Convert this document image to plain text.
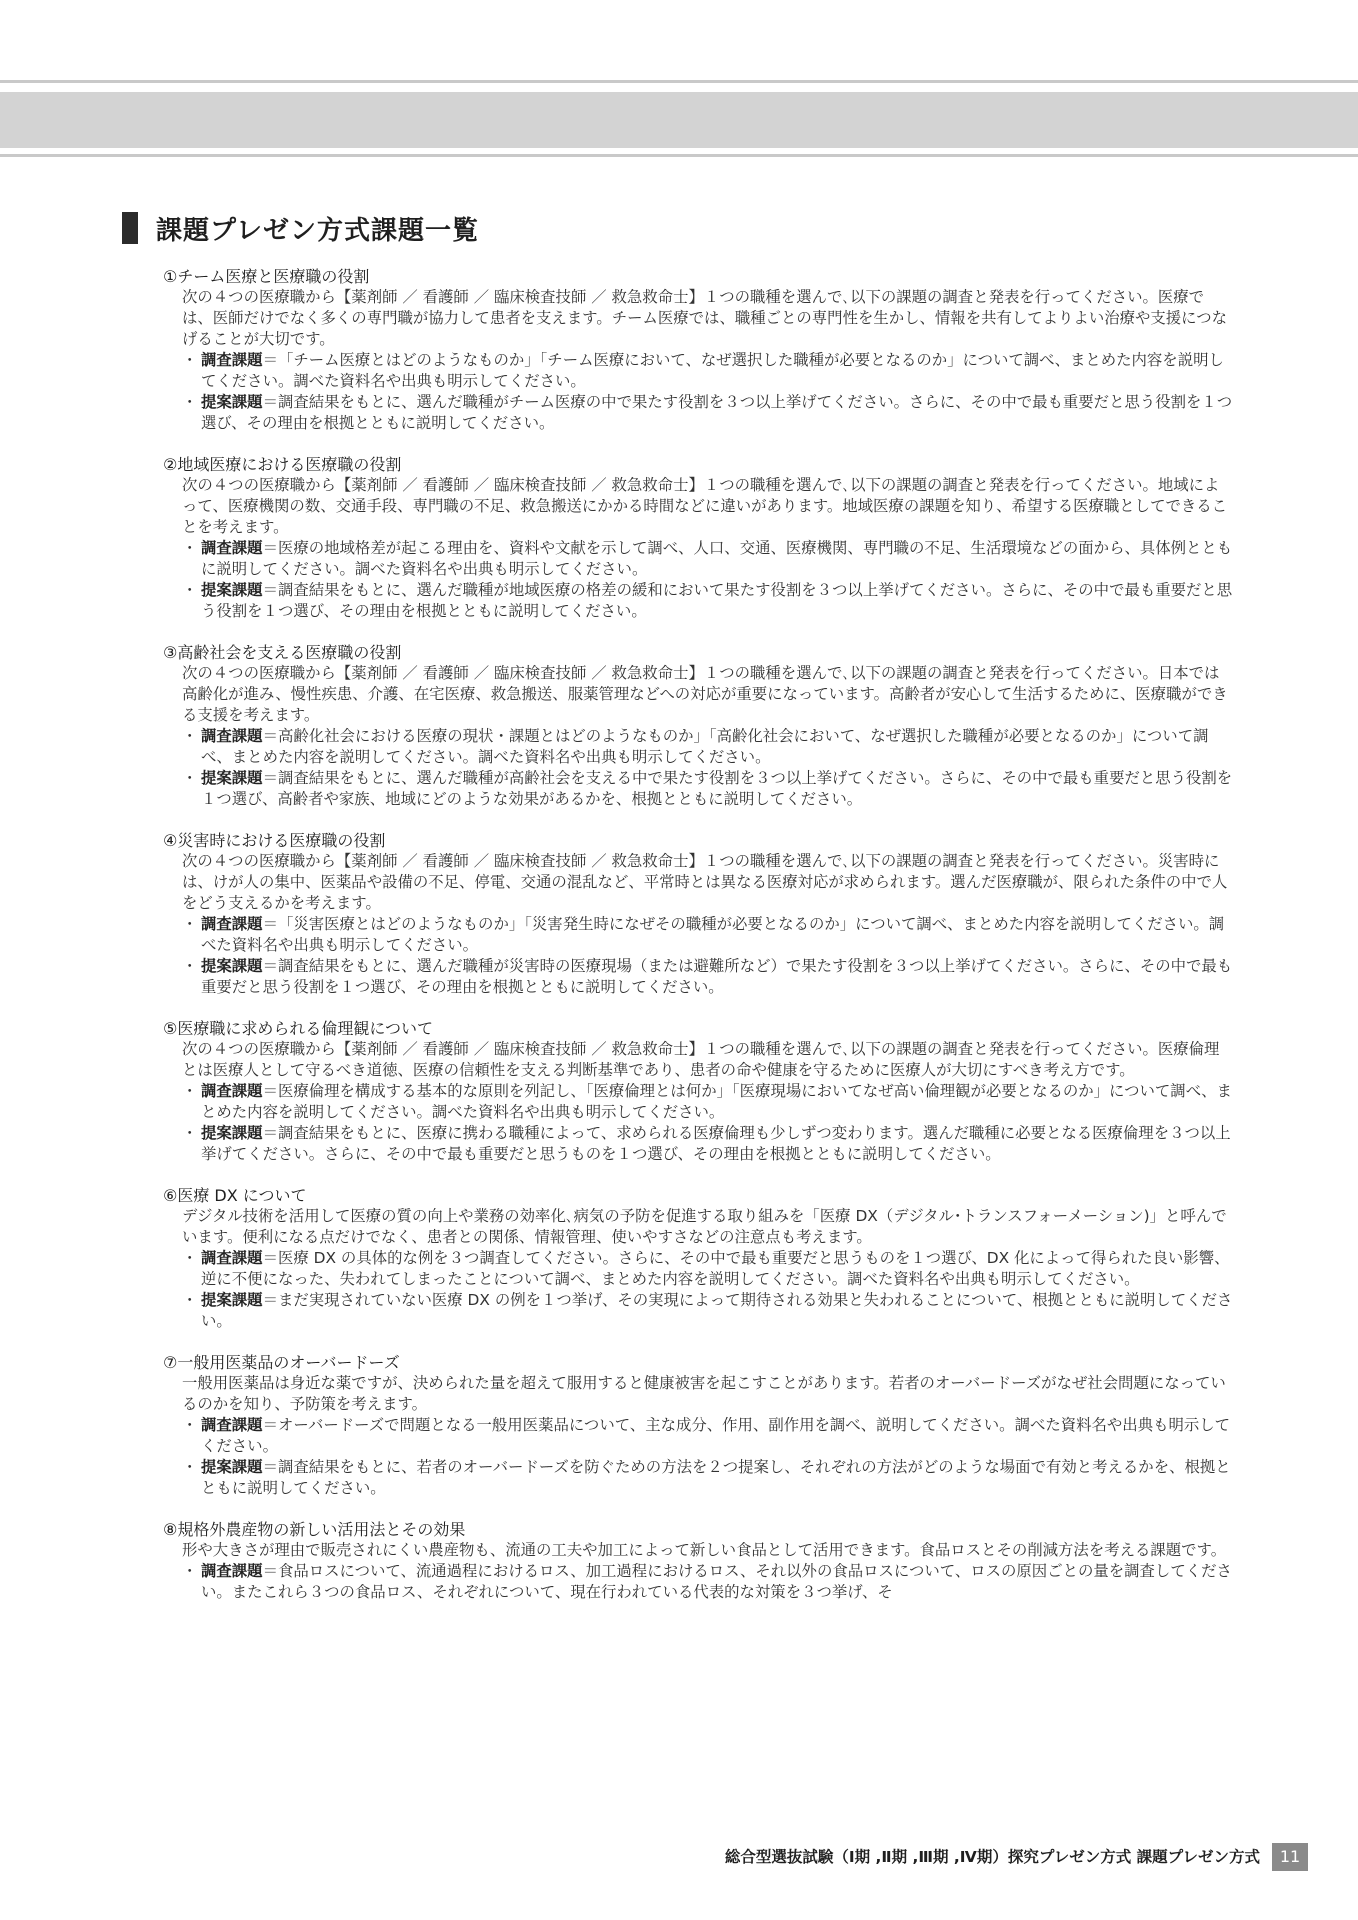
課題プレゼン方式課題一覧

①チーム医療と医療職の役割

次の４つの医療職から【薬剤師 ／ 看護師 ／ 臨床検査技師 ／ 救急救命士】１つの職種を選んで､以下の課題の調査と発表を行ってください。医療では、医師だけでなく多くの専門職が協力して患者を支えます。チーム医療では、職種ごとの専門性を生かし、情報を共有してよりよい治療や支援につなげることが大切です。

・ 調査課題＝「チーム医療とはどのようなものか」「チーム医療において、なぜ選択した職種が必要となるのか」について調べ、まとめた内容を説明してください。調べた資料名や出典も明示してください。

・ 提案課題＝調査結果をもとに、選んだ職種がチーム医療の中で果たす役割を３つ以上挙げてください。さらに、その中で最も重要だと思う役割を１つ選び、その理由を根拠とともに説明してください。

②地域医療における医療職の役割

次の４つの医療職から【薬剤師 ／ 看護師 ／ 臨床検査技師 ／ 救急救命士】１つの職種を選んで､以下の課題の調査と発表を行ってください。地域によって、医療機関の数、交通手段、専門職の不足、救急搬送にかかる時間などに違いがあります。地域医療の課題を知り、希望する医療職としてできることを考えます。

・ 調査課題＝医療の地域格差が起こる理由を、資料や文献を示して調べ、人口、交通、医療機関、専門職の不足、生活環境などの面から、具体例とともに説明してください。調べた資料名や出典も明示してください。

・ 提案課題＝調査結果をもとに、選んだ職種が地域医療の格差の緩和において果たす役割を３つ以上挙げてください。さらに、その中で最も重要だと思う役割を１つ選び、その理由を根拠とともに説明してください。

③高齢社会を支える医療職の役割

次の４つの医療職から【薬剤師 ／ 看護師 ／ 臨床検査技師 ／ 救急救命士】１つの職種を選んで､以下の課題の調査と発表を行ってください。日本では高齢化が進み、慢性疾患、介護、在宅医療、救急搬送、服薬管理などへの対応が重要になっています。高齢者が安心して生活するために、医療職ができる支援を考えます。

・ 調査課題＝高齢化社会における医療の現状・課題とはどのようなものか」「高齢化社会において、なぜ選択した職種が必要となるのか」について調べ、まとめた内容を説明してください。調べた資料名や出典も明示してください。

・ 提案課題＝調査結果をもとに、選んだ職種が高齢社会を支える中で果たす役割を３つ以上挙げてください。さらに、その中で最も重要だと思う役割を１つ選び、高齢者や家族、地域にどのような効果があるかを、根拠とともに説明してください。

④災害時における医療職の役割

次の４つの医療職から【薬剤師 ／ 看護師 ／ 臨床検査技師 ／ 救急救命士】１つの職種を選んで､以下の課題の調査と発表を行ってください。災害時には、けが人の集中、医薬品や設備の不足、停電、交通の混乱など、平常時とは異なる医療対応が求められます。選んだ医療職が、限られた条件の中で人をどう支えるかを考えます。

・ 調査課題＝「災害医療とはどのようなものか」「災害発生時になぜその職種が必要となるのか」について調べ、まとめた内容を説明してください。調べた資料名や出典も明示してください。

・ 提案課題＝調査結果をもとに、選んだ職種が災害時の医療現場（または避難所など）で果たす役割を３つ以上挙げてください。さらに、その中で最も重要だと思う役割を１つ選び、その理由を根拠とともに説明してください。

⑤医療職に求められる倫理観について

次の４つの医療職から【薬剤師 ／ 看護師 ／ 臨床検査技師 ／ 救急救命士】１つの職種を選んで､以下の課題の調査と発表を行ってください。医療倫理とは医療人として守るべき道徳、医療の信頼性を支える判断基準であり、患者の命や健康を守るために医療人が大切にすべき考え方です。

・ 調査課題＝医療倫理を構成する基本的な原則を列記し、「医療倫理とは何か」「医療現場においてなぜ高い倫理観が必要となるのか」について調べ、まとめた内容を説明してください。調べた資料名や出典も明示してください。

・ 提案課題＝調査結果をもとに、医療に携わる職種によって、求められる医療倫理も少しずつ変わります。選んだ職種に必要となる医療倫理を３つ以上挙げてください。さらに、その中で最も重要だと思うものを１つ選び、その理由を根拠とともに説明してください。

⑥医療 DX について

デジタル技術を活用して医療の質の向上や業務の効率化､病気の予防を促進する取り組みを「医療 DX（デジタル･トランスフォーメーション)」と呼んでいます。便利になる点だけでなく、患者との関係、情報管理、使いやすさなどの注意点も考えます。

・ 調査課題＝医療 DX の具体的な例を３つ調査してください。さらに、その中で最も重要だと思うものを１つ選び、DX 化によって得られた良い影響、逆に不便になった、失われてしまったことについて調べ、まとめた内容を説明してください。調べた資料名や出典も明示してください。

・ 提案課題＝まだ実現されていない医療 DX の例を１つ挙げ、その実現によって期待される効果と失われることについて、根拠とともに説明してください。

⑦一般用医薬品のオーバードーズ

一般用医薬品は身近な薬ですが、決められた量を超えて服用すると健康被害を起こすことがあります。若者のオーバードーズがなぜ社会問題になっているのかを知り、予防策を考えます。

・ 調査課題＝オーバードーズで問題となる一般用医薬品について、主な成分、作用、副作用を調べ、説明してください。調べた資料名や出典も明示してください。

・ 提案課題＝調査結果をもとに、若者のオーバードーズを防ぐための方法を２つ提案し、それぞれの方法がどのような場面で有効と考えるかを、根拠とともに説明してください。

⑧規格外農産物の新しい活用法とその効果

形や大きさが理由で販売されにくい農産物も、流通の工夫や加工によって新しい食品として活用できます。食品ロスとその削減方法を考える課題です。

・ 調査課題＝食品ロスについて、流通過程におけるロス、加工過程におけるロス、それ以外の食品ロスについて、ロスの原因ごとの量を調査してください。またこれら３つの食品ロス、それぞれについて、現在行われている代表的な対策を３つ挙げ、そ

総合型選抜試験（Ⅰ期 ,Ⅱ期 ,Ⅲ期 ,Ⅳ期）探究プレゼン方式 課題プレゼン方式	11
